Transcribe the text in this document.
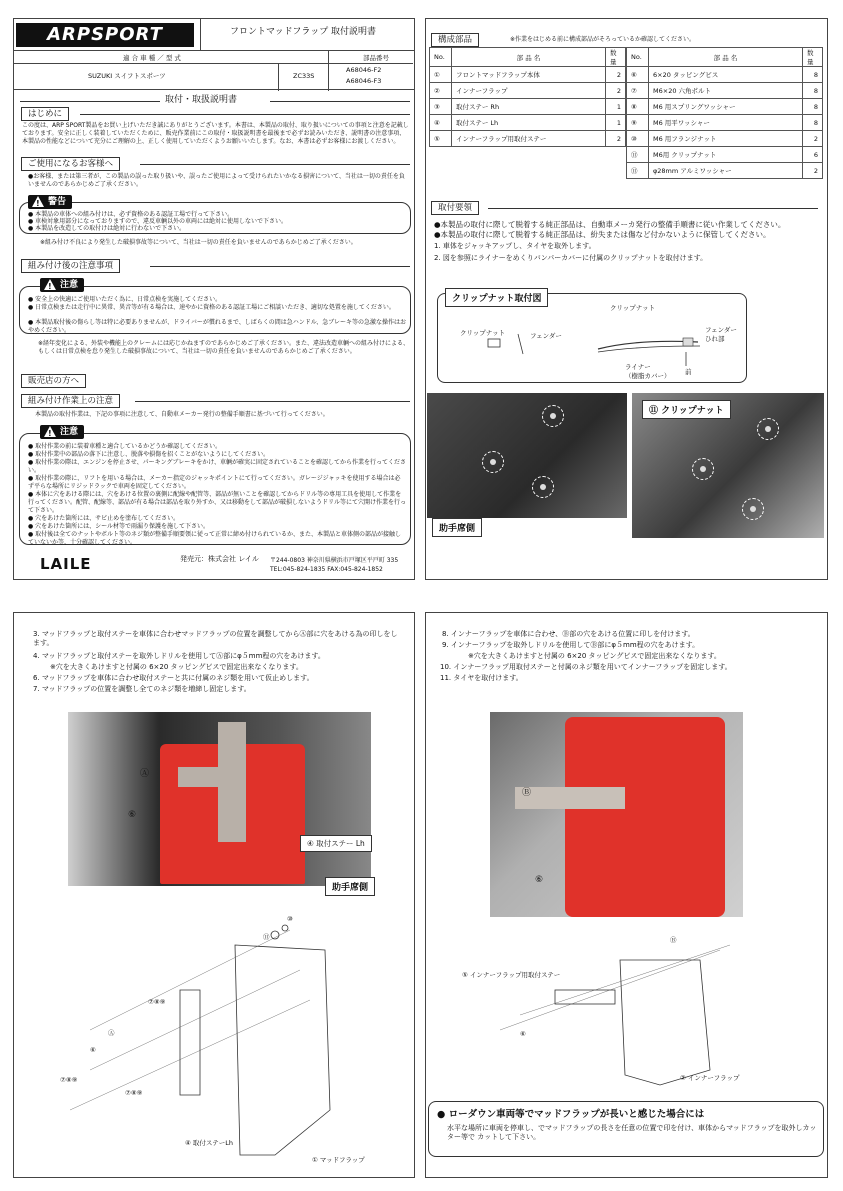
ARPSPORT	フロントマッドフラップ 取付説明書
適 合 車 種 ／ 型 式	部品番号
SUZUKI スイフトスポーツ	ZC33S
A68046-F2
A68046-F3
取付・取扱説明書
はじめに
この度は、ARP SPORT製品をお買い上げいただき誠にありがとうございます。本書は、本製品の取付、取り扱いについての事項と注意を記載しております。安全に正しく装着していただくために、販売作業前にこの取付・取扱説明書を最後まで必ずお読みいただき、説明書の注意事項、本製品の性能などについて充分にご理解の上、正しく使用していただくようお願いいたします。なお、本書は必ずお客様にお渡しください。
ご使用になるお客様へ
●お客様、または第三者が、この製品の誤った取り扱いや、誤ったご使用によって受けられたいかなる損害について、当社は一切の責任を負いませんのであらかじめご了承ください。
!
警告
● 本製品の車体への組み付けは、必ず資格のある認証工場で行って下さい。
● 車検対象用部分になっておりますので、違反車輌以外の車両には絶対に使用しないで下さい。
● 本製品を改造しての取付けは絶対に行わないで下さい。
※組み付け不良により発生した破損事故等について、当社は一切の責任を負いませんのであらかじめご了承ください。
組み付け後の注意事項
!
注意
● 安全上の快適にご使用いただく為に、日常点検を実施してください。
● 日常点検または走行中に異常、異音等が有る場合は、速やかに資格のある認証工場にご相談いただき、適切な処置を施してください。
● 本製品取付後の傷らし等は特に必要ありませんが、ドライバーが慣れるまで、しばらくの間は急ハンドル、急ブレーキ等の急激な操作はおやめください。
※経年変化による、外装や機能上のクレームには応じかねますのであらかじめご了承ください。また、違法改造車輌への組み付けによる、もしくは日常点検を怠り発生した破損事故について、当社は一切の責任を負いませんのであらかじめご了承ください。
販売店の方へ
組み付け作業上の注意
本製品の取付作業は、下記の事項に注意して、自動車メーカー発行の整備手順書に基づいて行ってください。
!
注意
● 取付作業の前に装着車種と適合しているかどうか確認してください。
● 取付作業中の部品の落下に注意し、脱落や損傷を招くことがないようにしてください。
● 取付作業の際は、エンジンを停止させ、パーキングブレーキをかけ、車輌が確実に固定されていることを確認してから作業を行ってください。
● 取付作業の際に、リフトを用いる場合は、メーカー指定のジャッキポイントにて行ってください。ガレージジャッキを使用する場合は必ず平らな場所にリジッドラックで車両を固定してください。
● 本体に穴をあける際には、穴をあける位置の裏側に配線や配管等、部品が無いことを確認してからドリル等の専用工具を使用して作業を行ってください。配管、配線等、部品が有る場合は部品を取り外すか、又は移動をして部品が破損しないようドリル等にて穴開け作業を行って下さい。
● 穴をあけた箇所には、サビ止めを塗布してください。
● 穴をあけた箇所には、シール材等で雨漏り保護を施して下さい。
● 取付後は全てのナットやボルト等のネジ類が整備手順要領に従って正常に締め付けられているか、また、本製品と車体側の部品が接触していないか等、十分確認してください。
LAILE	発売元：株式会社 レイル 〒244-0803 神奈川県横浜市戸塚区平戸町 335
TEL:045-824-1835 FAX:045-824-1852
構成部品	※作業をはじめる前に構成部品がそろっているか確認してください。
No.	部 品 名	数量
①	フロントマッドフラップ本体	2
②	インナーフラップ	2
③	取付ステー Rh	1
④	取付ステー Lh	1
⑤	インナーフラップ用取付ステー	2
No.	部 品 名	数量
⑥	6×20 タッピングビス	8
⑦	M6×20 六角ボルト	8
⑧	M6 用スプリングワッシャー	8
⑨	M6 用平ワッシャー	8
⑩	M6 用フランジナット	2
⑪	M6用 クリップナット	6
⑪	φ28mm アルミワッシャー	2
取付要領
●本製品の取付に際して脱着する純正部品は、自動車メーカ発行の整備手順書に従い作業してください。
●本製品の取付に際して脱着する純正部品は、紛失または傷など付かないように保管してください。
1. 車体をジャッキアップし、タイヤを取外します。
2. 図を参照にライナーをめくりバンパーカバーに付属のクリップナットを取付けます。
クリップナット取付図
クリップナット	フェンダー
クリップナット
フェンダー
ひれ部
ライナー
（樹脂カバー） 前
助手席側
⑪ クリップナット
3. マッドフラップと取付ステーを車体に合わせマッドフラップの位置を調整してからⒶ部に穴をあける為の印しをします。
4. マッドフラップと取付ステーを取外しドリルを使用してⒶ部にφ５mm程の穴をあけます。
※穴を大きくあけますと付属の 6×20 タッピングビスで固定出来なくなります。
6. マッドフラップを車体に合わせ取付ステーと共に付属のネジ類を用いて仮止めします。
7. マッドフラップの位置を調整し全てのネジ類を増締し固定します。
Ⓐ
⑥
④ 取付ステー Lh
助手席側
⑩
⑪
⑦⑧⑨
Ⓐ
⑥
⑦⑧⑨
⑦⑧⑨
④ 取付ステーLh
① マッドフラップ
8. インナーフラップを車体に合わせ、Ⓑ部の穴をあける位置に印しを付けます。
9. インナーフラップを取外しドリルを使用してⒷ部にφ５mm程の穴をあけます。
※穴を大きくあけますと付属の 6×20 タッピングビスで固定出来なくなります。
10. インナーフラップ用取付ステーと付属のネジ類を用いてインナーフラップを固定します。
11. タイヤを取付けます。
Ⓑ
⑥
Ⓑ
⑤ インナーフラップ用取付ステー
⑥
② インナーフラップ
● ローダウン車両等でマッドフラップが長いと感じた場合には
水平な場所に車両を停車し、でマッドフラップの長さを任意の位置で印を付け、車体からマッドフラップを取外しカッター等で カットして下さい。
